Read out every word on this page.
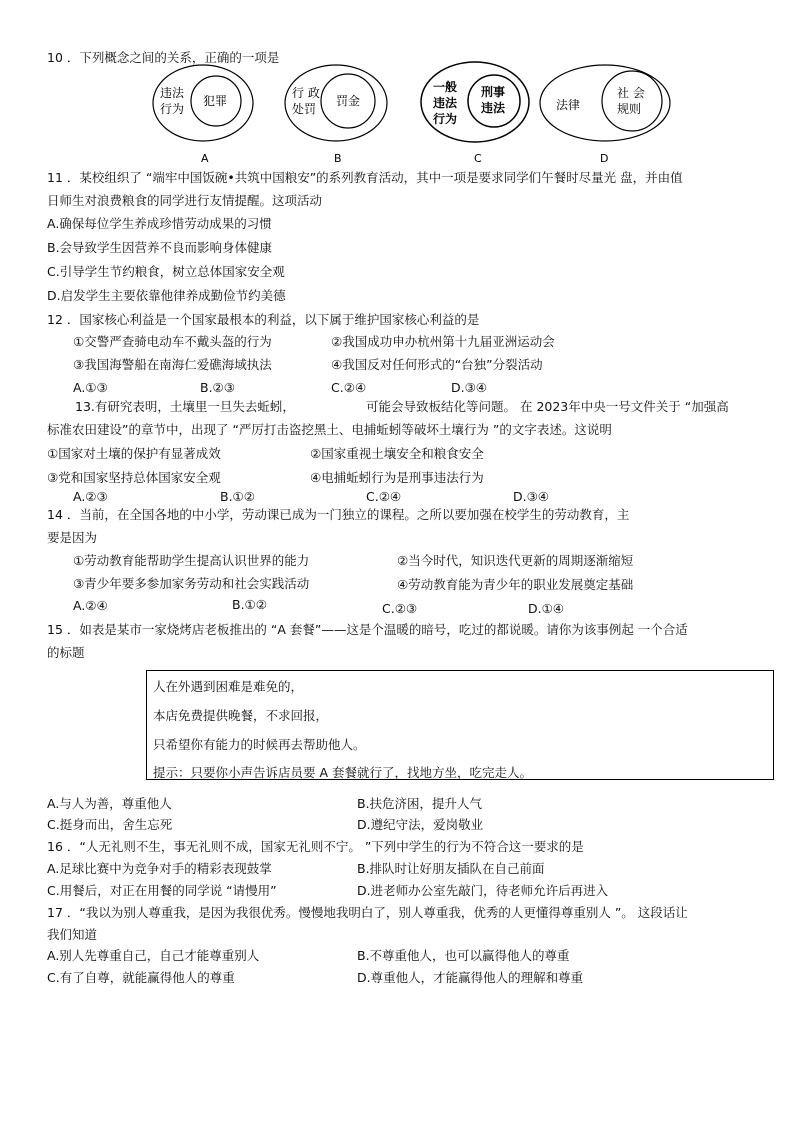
10 ．下列概念之间的关系，正确的一项是
违法
行为
犯罪
A
行 政
处罚
罚金
B
一般
违法
行为
刑事
违法
C
法律
社 会
规则
D
11 ．某校组织了 “端牢中国饭碗•共筑中国粮安”的系列教育活动，其中一项是要求同学们午餐时尽量光 盘，并由值
日师生对浪费粮食的同学进行友情提醒。这项活动
A.确保每位学生养成珍惜劳动成果的习惯
B.会导致学生因营养不良而影响身体健康
C.引导学生节约粮食，树立总体国家安全观
D.启发学生主要依靠他律养成勤俭节约美德
12 ．国家核心利益是一个国家最根本的利益，以下属于维护国家核心利益的是
①交警严查骑电动车不戴头盔的行为	②我国成功申办杭州第十九届亚洲运动会
③我国海警船在南海仁爱礁海域执法	④我国反对任何形式的“台独”分裂活动
A.①③	B.②③	C.②④	D.③④
13.有研究表明，土壤里一旦失去蚯蚓，	可能会导致板结化等问题。 在 2023年中央一号文件关于 “加强高
标准农田建设”的章节中，出现了 “严厉打击盗挖黑土、电捕蚯蚓等破坏土壤行为 ”的文字表述。这说明
①国家对土壤的保护有显著成效	②国家重视土壤安全和粮食安全
③党和国家坚持总体国家安全观	④电捕蚯蚓行为是刑事违法行为
A.②③	B.①②	C.②④	D.③④
14 ．当前，在全国各地的中小学，劳动课已成为一门独立的课程。之所以要加强在校学生的劳动教育，主
要是因为
①劳动教育能帮助学生提高认识世界的能力	②当今时代，知识迭代更新的周期逐渐缩短
③青少年要多参加家务劳动和社会实践活动	④劳动教育能为青少年的职业发展奠定基础
A.②④	B.①②	C.②③	D.①④
15 ．如表是某市一家烧烤店老板推出的 “A 套餐”——这是个温暖的暗号，吃过的都说暖。请你为该事例起 一个合适
的标题
人在外遇到困难是难免的，
本店免费提供晚餐，不求回报，
只希望你有能力的时候再去帮助他人。
提示：只要你小声告诉店员要 A 套餐就行了，找地方坐，吃完走人。
A.与人为善，尊重他人	B.扶危济困，提升人气
C.挺身而出，舍生忘死	D.遵纪守法，爱岗敬业
16 ．“人无礼则不生，事无礼则不成，国家无礼则不宁。 ”下列中学生的行为不符合这一要求的是
A.足球比赛中为竞争对手的精彩表现鼓掌	B.排队时让好朋友插队在自己前面
C.用餐后，对正在用餐的同学说 “请慢用”	D.进老师办公室先敲门，待老师允许后再进入
17 ．“我以为别人尊重我，是因为我很优秀。慢慢地我明白了，别人尊重我，优秀的人更懂得尊重别人 ”。 这段话让
我们知道
A.别人先尊重自己，自己才能尊重别人	B.不尊重他人，也可以赢得他人的尊重
C.有了自尊，就能赢得他人的尊重	D.尊重他人，才能赢得他人的理解和尊重
